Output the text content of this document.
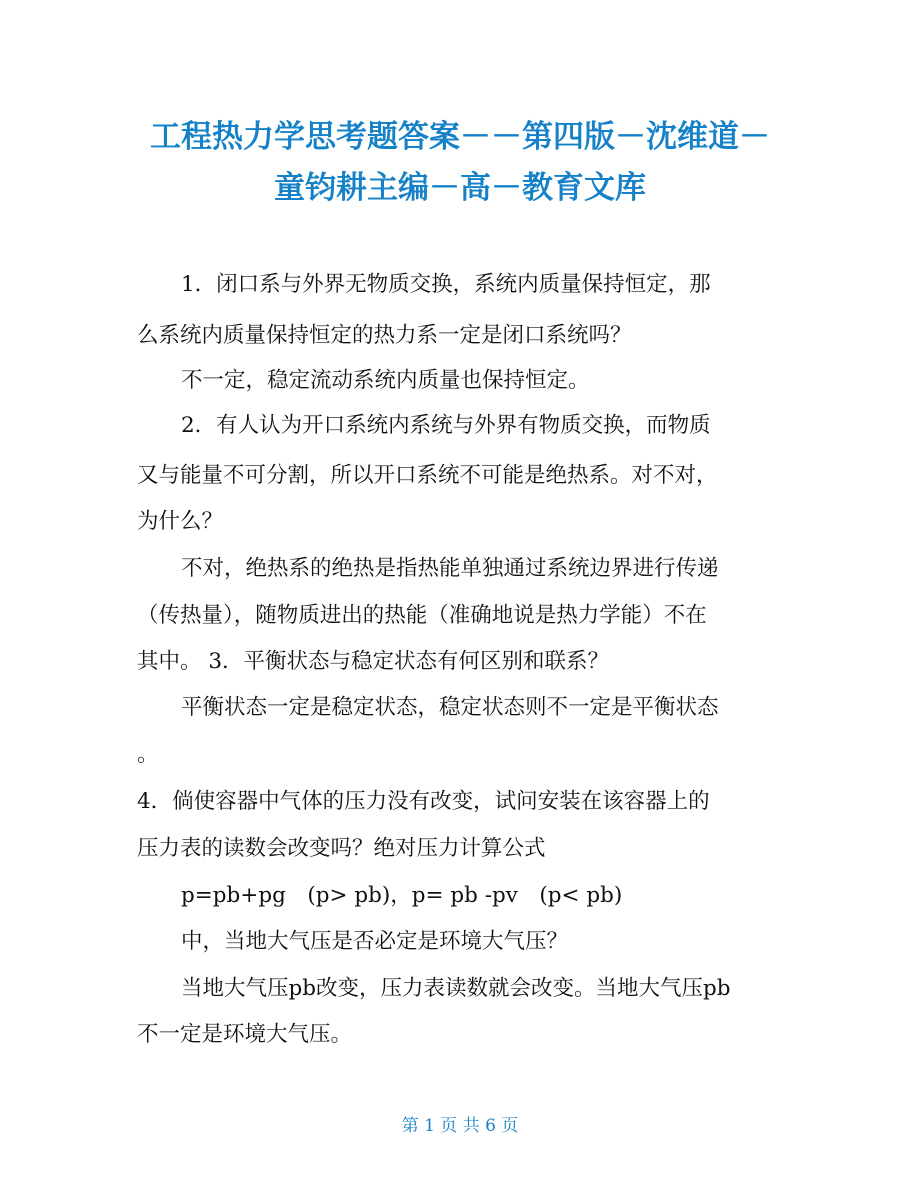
工程热力学思考题答案－－第四版－沈维道－
童钧耕主编－高－教育文库
1．闭口系与外界无物质交换，系统内质量保持恒定，那
么系统内质量保持恒定的热力系一定是闭口系统吗？
不一定，稳定流动系统内质量也保持恒定。
2．有人认为开口系统内系统与外界有物质交换，而物质
又与能量不可分割，所以开口系统不可能是绝热系。对不对，
为什么？
不对，绝热系的绝热是指热能单独通过系统边界进行传递
（传热量），随物质进出的热能（准确地说是热力学能）不在
其中。 3．平衡状态与稳定状态有何区别和联系？
平衡状态一定是稳定状态，稳定状态则不一定是平衡状态
。
4．倘使容器中气体的压力没有改变，试问安装在该容器上的
压力表的读数会改变吗？绝对压力计算公式
p=pb+pg　(p> pb)，p= pb -pv　(p< pb)
中，当地大气压是否必定是环境大气压？
当地大气压pb改变，压力表读数就会改变。当地大气压pb
不一定是环境大气压。
第 1 页 共 6 页
